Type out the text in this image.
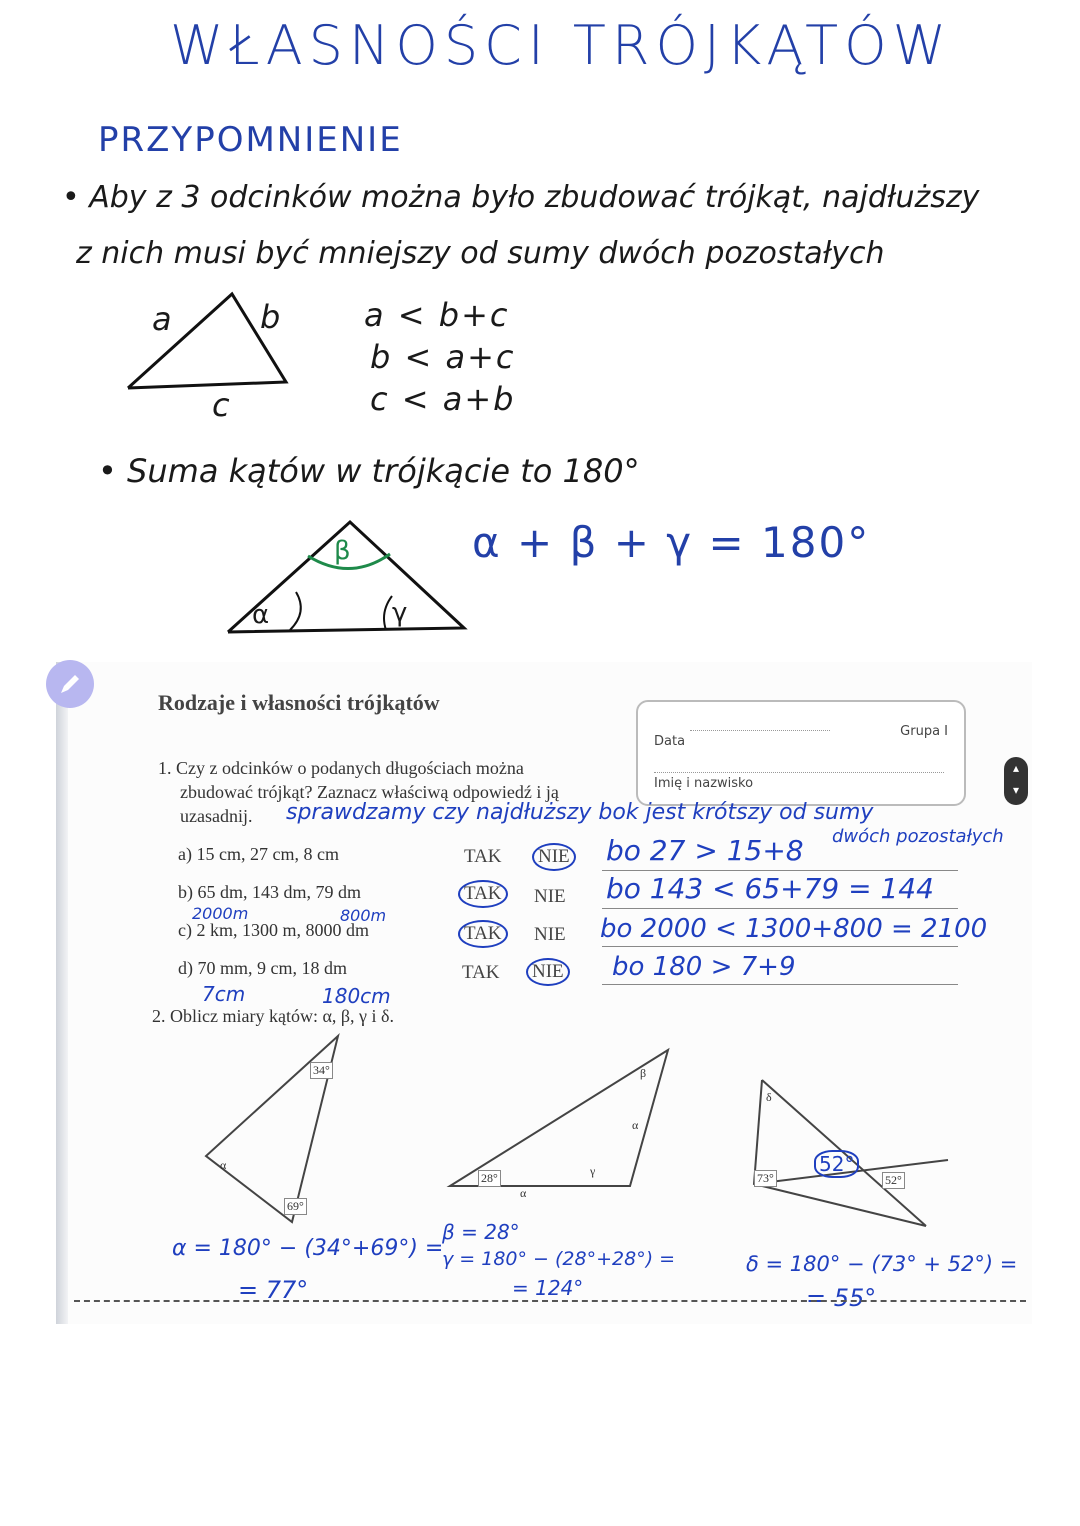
WŁASNOŚCI TRÓJKĄTÓW
PRZYPOMNIENIE
• Aby z 3 odcinków można było zbudować trójkąt, najdłuższy
z nich musi być mniejszy od sumy dwóch pozostałych
a	b
c
a < b+c
b < a+c
c < a+b
• Suma kątów w trójkącie to 180°
β
α	γ
α + β + γ = 180°
Rodzaje i własności trójkątów
Data
Grupa I
Imię i nazwisko
▴
▾
1. Czy z odcinków o podanych długościach można
zbudować trójkąt? Zaznacz właściwą odpowiedź i ją
uzasadnij. sprawdzamy czy najdłuższy bok jest krótszy od sumy
dwóch pozostałych
a) 15 cm, 27 cm, 8 cm	TAK	NIE bo 27 > 15+8
b) 65 dm, 143 dm, 79 dm	TAK	NIE bo 143 < 65+79 = 144
2000m	800m
c) 2 km, 1300 m, 8000 dm	TAK	NIE bo 2000 < 1300+800 = 2100
d) 70 mm, 9 cm, 18 dm	TAK	NIE bo 180 > 7+9
7cm	180cm
2. Oblicz miary kątów: α, β, γ i δ.
34°
α
69°
28°
β
α
γ
α
δ
73°
52°
52°
α = 180° − (34°+69°) =
= 77°
β = 28°
γ = 180° − (28°+28°) =
= 124°
δ = 180° − (73° + 52°) =
= 55°
